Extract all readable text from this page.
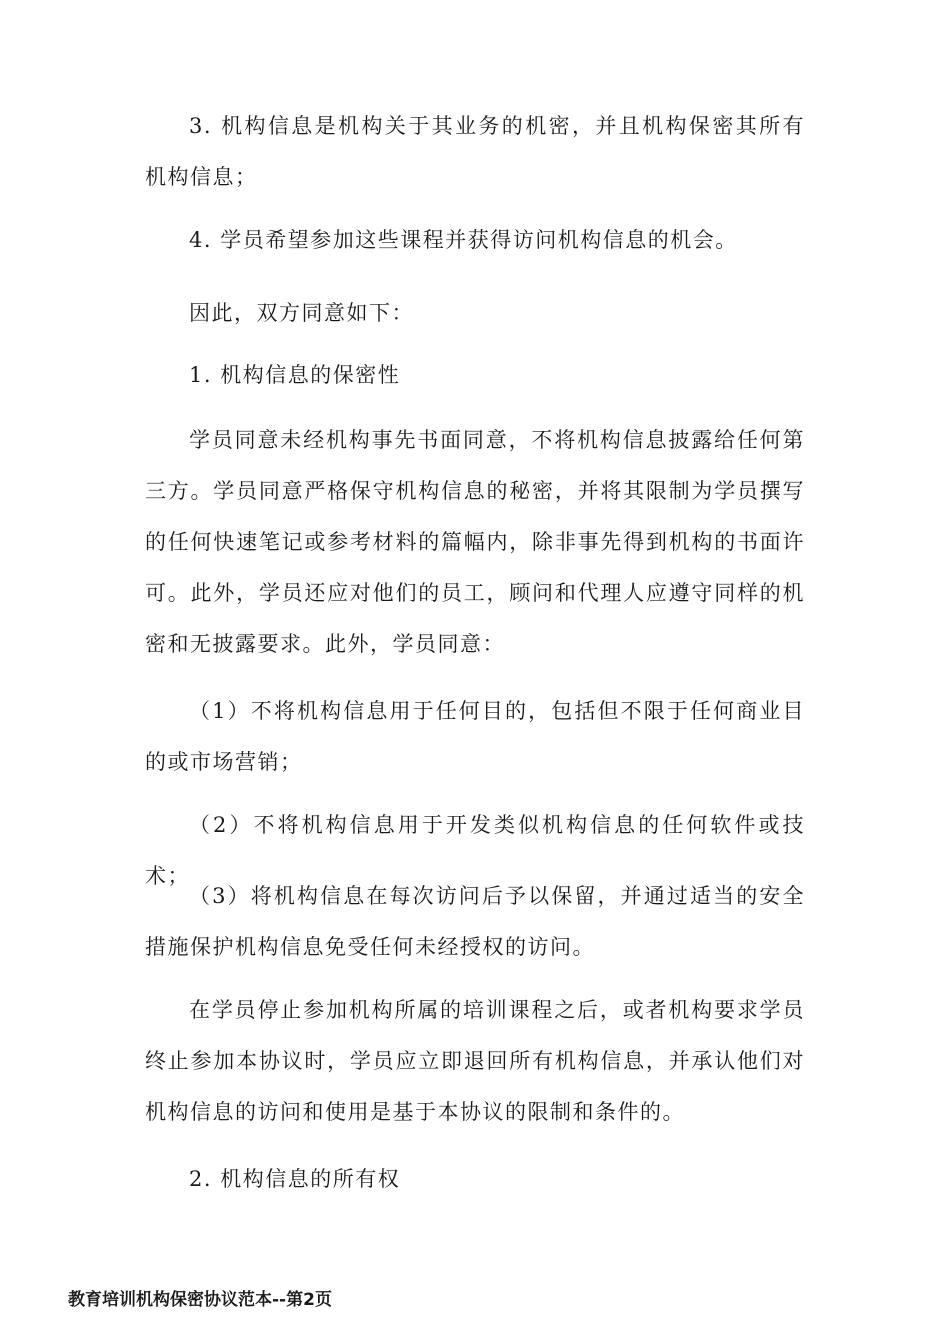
3. 机构信息是机构关于其业务的机密，并且机构保密其所有机构信息；

4. 学员希望参加这些课程并获得访问机构信息的机会。

因此，双方同意如下：

1. 机构信息的保密性

学员同意未经机构事先书面同意，不将机构信息披露给任何第三方。学员同意严格保守机构信息的秘密，并将其限制为学员撰写的任何快速笔记或参考材料的篇幅内，除非事先得到机构的书面许可。此外，学员还应对他们的员工，顾问和代理人应遵守同样的机密和无披露要求。此外，学员同意：

（1）不将机构信息用于任何目的，包括但不限于任何商业目的或市场营销；

（2）不将机构信息用于开发类似机构信息的任何软件或技术；

（3）将机构信息在每次访问后予以保留，并通过适当的安全措施保护机构信息免受任何未经授权的访问。

在学员停止参加机构所属的培训课程之后，或者机构要求学员终止参加本协议时，学员应立即退回所有机构信息，并承认他们对机构信息的访问和使用是基于本协议的限制和条件的。

2. 机构信息的所有权

教育培训机构保密协议范本--第2页
